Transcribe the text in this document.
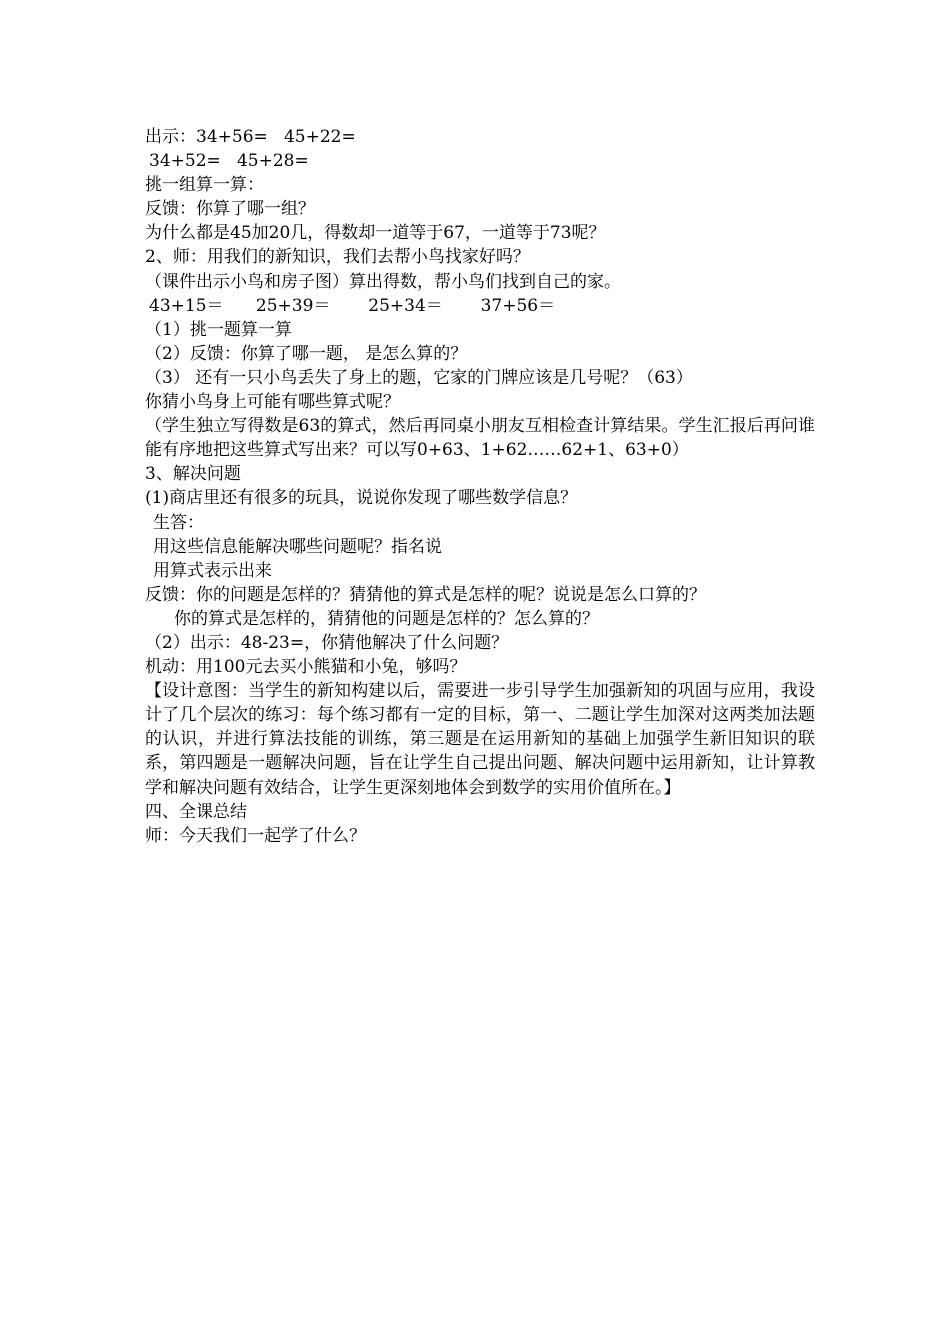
出示：34+56=   45+22=
34+52=   45+28=
挑一组算一算：
反馈：你算了哪一组？
为什么都是45加20几，得数却一道等于67，一道等于73呢？
2、师：用我们的新知识，我们去帮小鸟找家好吗？
（课件出示小鸟和房子图）算出得数，帮小鸟们找到自己的家。
43+15＝      25+39＝       25+34＝       37+56＝
（1）挑一题算一算
（2）反馈：你算了哪一题， 是怎么算的？
（3） 还有一只小鸟丢失了身上的题，它家的门牌应该是几号呢？（63）
你猜小鸟身上可能有哪些算式呢？
（学生独立写得数是63的算式，然后再同桌小朋友互相检查计算结果。学生汇报后再问谁能有序地把这些算式写出来？可以写0+63、1+62……62+1、63+0）
3、解决问题
(1)商店里还有很多的玩具，说说你发现了哪些数学信息？
生答：
用这些信息能解决哪些问题呢？指名说
用算式表示出来
反馈：你的问题是怎样的？猜猜他的算式是怎样的呢？说说是怎么口算的？
你的算式是怎样的，猜猜他的问题是怎样的？怎么算的？
（2）出示：48-23=，你猜他解决了什么问题？
机动：用100元去买小熊猫和小兔，够吗？
【设计意图：当学生的新知构建以后，需要进一步引导学生加强新知的巩固与应用，我设计了几个层次的练习：每个练习都有一定的目标，第一、二题让学生加深对这两类加法题的认识，并进行算法技能的训练，第三题是在运用新知的基础上加强学生新旧知识的联系，第四题是一题解决问题，旨在让学生自己提出问题、解决问题中运用新知，让计算教学和解决问题有效结合，让学生更深刻地体会到数学的实用价值所在。】
四、全课总结
师：今天我们一起学了什么？
